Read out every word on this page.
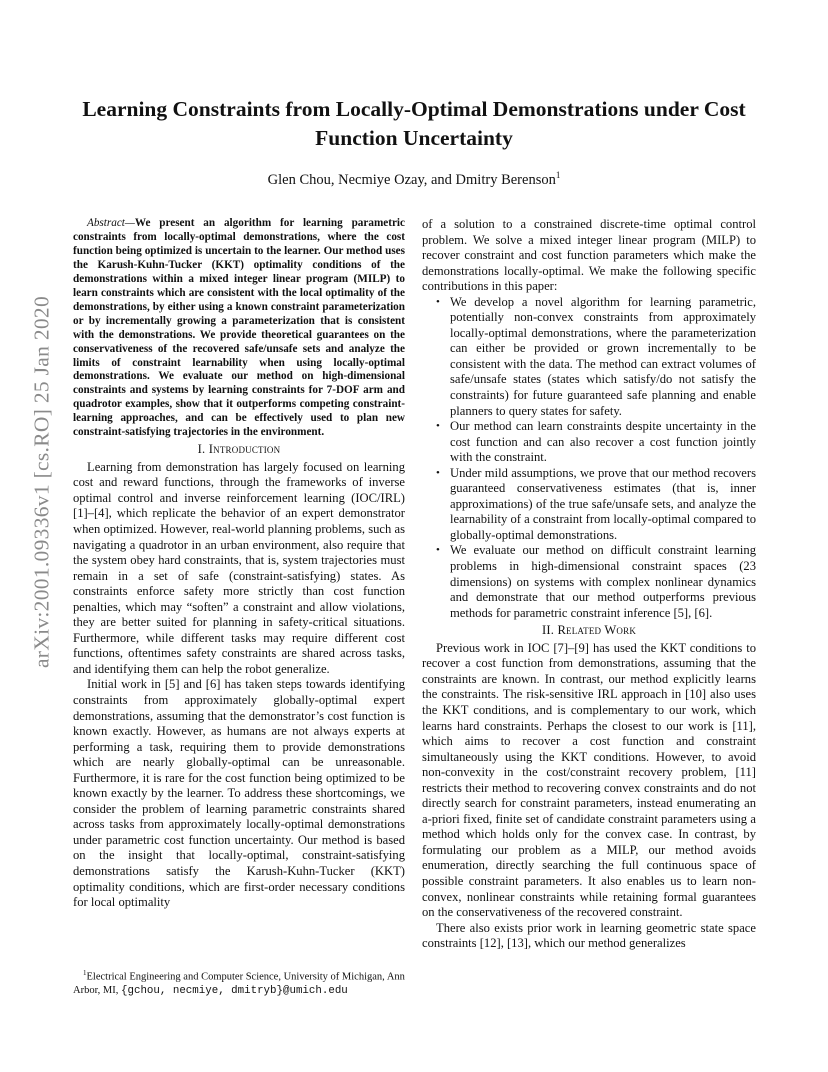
arXiv:2001.09336v1 [cs.RO] 25 Jan 2020
Learning Constraints from Locally-Optimal Demonstrations under Cost Function Uncertainty
Glen Chou, Necmiye Ozay, and Dmitry Berenson$^1$

Abstract—We present an algorithm for learning parametric constraints from locally-optimal demonstrations, where the cost function being optimized is uncertain to the learner. Our method uses the Karush-Kuhn-Tucker (KKT) optimality conditions of the demonstrations within a mixed integer linear program (MILP) to learn constraints which are consistent with the local optimality of the demonstrations, by either using a known constraint parameterization or by incrementally growing a parameterization that is consistent with the demonstrations. We provide theoretical guarantees on the conservativeness of the recovered safe/unsafe sets and analyze the limits of constraint learnability when using locally-optimal demonstrations. We evaluate our method on high-dimensional constraints and systems by learning constraints for 7-DOF arm and quadrotor examples, show that it outperforms competing constraint-learning approaches, and can be effectively used to plan new constraint-satisfying trajectories in the environment.

I. Introduction

Learning from demonstration has largely focused on learning cost and reward functions, through the frameworks of inverse optimal control and inverse reinforcement learning (IOC/IRL) [1]–[4], which replicate the behavior of an expert demonstrator when optimized. However, real-world planning problems, such as navigating a quadrotor in an urban environment, also require that the system obey hard constraints, that is, system trajectories must remain in a set of safe (constraint-satisfying) states. As constraints enforce safety more strictly than cost function penalties, which may “soften” a constraint and allow violations, they are better suited for planning in safety-critical situations. Furthermore, while different tasks may require different cost functions, oftentimes safety constraints are shared across tasks, and identifying them can help the robot generalize.

Initial work in [5] and [6] has taken steps towards identifying constraints from approximately globally-optimal expert demonstrations, assuming that the demonstrator’s cost function is known exactly. However, as humans are not always experts at performing a task, requiring them to provide demonstrations which are nearly globally-optimal can be unreasonable. Furthermore, it is rare for the cost function being optimized to be known exactly by the learner. To address these shortcomings, we consider the problem of learning parametric constraints shared across tasks from approximately locally-optimal demonstrations under parametric cost function uncertainty. Our method is based on the insight that locally-optimal, constraint-satisfying demonstrations satisfy the Karush-Kuhn-Tucker (KKT) optimality conditions, which are first-order necessary conditions for local optimality

$^1$Electrical Engineering and Computer Science, University of Michigan, Ann Arbor, MI, {gchou, necmiye, dmitryb}@umich.edu

of a solution to a constrained discrete-time optimal control problem. We solve a mixed integer linear program (MILP) to recover constraint and cost function parameters which make the demonstrations locally-optimal. We make the following specific contributions in this paper:

• We develop a novel algorithm for learning parametric, potentially non-convex constraints from approximately locally-optimal demonstrations, where the parameterization can either be provided or grown incrementally to be consistent with the data. The method can extract volumes of safe/unsafe states (states which satisfy/do not satisfy the constraints) for future guaranteed safe planning and enable planners to query states for safety.
• Our method can learn constraints despite uncertainty in the cost function and can also recover a cost function jointly with the constraint.
• Under mild assumptions, we prove that our method recovers guaranteed conservativeness estimates (that is, inner approximations) of the true safe/unsafe sets, and analyze the learnability of a constraint from locally-optimal compared to globally-optimal demonstrations.
• We evaluate our method on difficult constraint learning problems in high-dimensional constraint spaces (23 dimensions) on systems with complex nonlinear dynamics and demonstrate that our method outperforms previous methods for parametric constraint inference [5], [6].
II. Related Work

Previous work in IOC [7]–[9] has used the KKT conditions to recover a cost function from demonstrations, assuming that the constraints are known. In contrast, our method explicitly learns the constraints. The risk-sensitive IRL approach in [10] also uses the KKT conditions, and is complementary to our work, which learns hard constraints. Perhaps the closest to our work is [11], which aims to recover a cost function and constraint simultaneously using the KKT conditions. However, to avoid non-convexity in the cost/constraint recovery problem, [11] restricts their method to recovering convex constraints and do not directly search for constraint parameters, instead enumerating an a-priori fixed, finite set of candidate constraint parameters using a method which holds only for the convex case. In contrast, by formulating our problem as a MILP, our method avoids enumeration, directly searching the full continuous space of possible constraint parameters. It also enables us to learn non-convex, nonlinear constraints while retaining formal guarantees on the conservativeness of the recovered constraint.

There also exists prior work in learning geometric state space constraints [12], [13], which our method generalizes
